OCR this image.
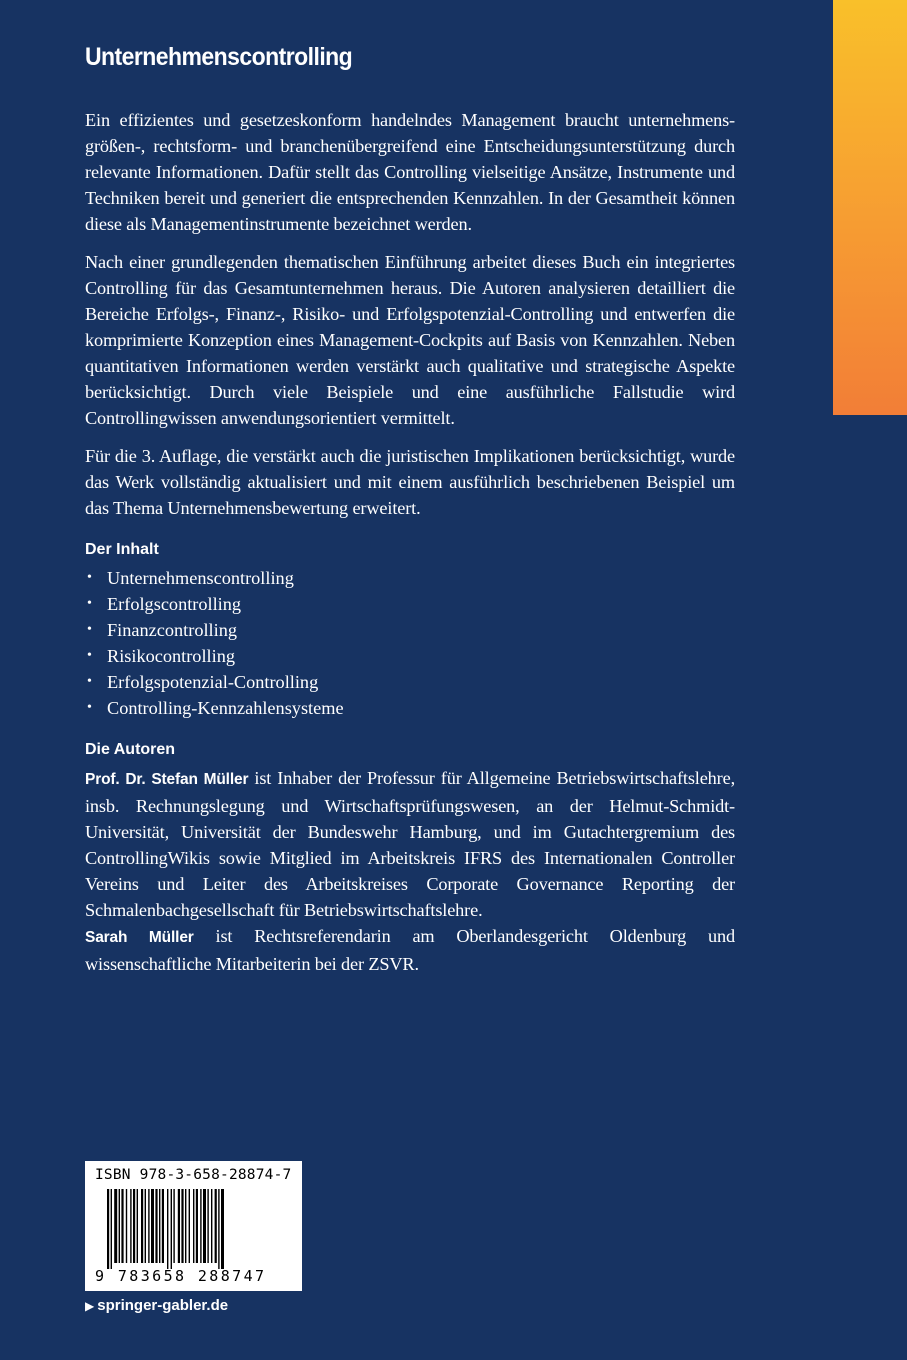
Unternehmenscontrolling

Ein effizientes und gesetzeskonform handelndes Management braucht unternehmens-größen-, rechtsform- und branchenübergreifend eine Entscheidungsunterstützung durch relevante Informationen. Dafür stellt das Controlling vielseitige Ansätze, Instrumente und Techniken bereit und generiert die entsprechenden Kennzahlen. In der Gesamtheit können diese als Managementinstrumente bezeichnet werden.

Nach einer grundlegenden thematischen Einführung arbeitet dieses Buch ein integriertes Controlling für das Gesamtunternehmen heraus. Die Autoren analysieren detailliert die Bereiche Erfolgs-, Finanz-, Risiko- und Erfolgspotenzial-Controlling und entwerfen die komprimierte Konzeption eines Management-Cockpits auf Basis von Kennzahlen. Neben quantitativen Informationen werden verstärkt auch qualitative und strategische Aspekte berücksichtigt. Durch viele Beispiele und eine ausführliche Fallstudie wird Controllingwissen anwendungsorientiert vermittelt.

Für die 3. Auflage, die verstärkt auch die juristischen Implikationen berücksichtigt, wurde das Werk vollständig aktualisiert und mit einem ausführlich beschriebenen Beispiel um das Thema Unternehmensbewertung erweitert.

Der Inhalt
• Unternehmenscontrolling
• Erfolgscontrolling
• Finanzcontrolling
• Risikocontrolling
• Erfolgspotenzial-Controlling
• Controlling-Kennzahlensysteme
Die Autoren

Prof. Dr. Stefan Müller ist Inhaber der Professur für Allgemeine Betriebswirtschaftslehre, insb. Rechnungslegung und Wirtschaftsprüfungswesen, an der Helmut-Schmidt-Universität, Universität der Bundeswehr Hamburg, und im Gutachtergremium des ControllingWikis sowie Mitglied im Arbeitskreis IFRS des Internationalen Controller Vereins und Leiter des Arbeitskreises Corporate Governance Reporting der Schmalenbachgesellschaft für Betriebswirtschaftslehre.

Sarah Müller ist Rechtsreferendarin am Oberlandesgericht Oldenburg und wissenschaftliche Mitarbeiterin bei der ZSVR.

ISBN 978-3-658-28874-7
9 783658 288747
▶ springer-gabler.de
